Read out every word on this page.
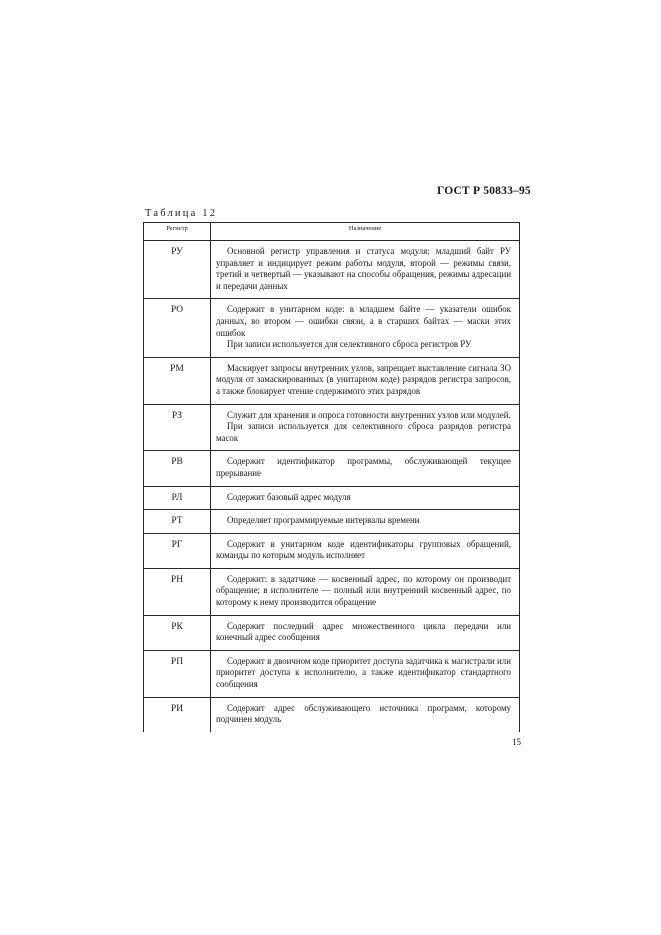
ГОСТ Р 50833–95
Таблица 12
Регистр	Назначение
РУ	Основной регистр управления и статуса модуля; младший байт РУ управляет и индицирует режим работы модуля, второй — режимы связи, третий и четвертый — указывают на способы обращения, режимы адресации и передачи данных

РО	Содержит в унитарном коде: в младшем байте — указатели ошибок данных, во втором — ошибки связи, а в старших байтах — маски этих ошибок

При записи используется для селективного сброса регистров РУ

РМ	Маскирует запросы внутренних узлов, запрещает выставление сигнала ЗО модуля от замаскированных (в унитарном коде) разрядов регистра запросов, а также блокирует чтение содержимого этих разрядов

РЗ	Служит для хранения и опроса готовности внутренних узлов или модулей.

При записи используется для селективного сброса разрядов регистра масок

РВ	Содержит идентификатор программы, обслуживающей текущее прерывание

РЛ	Содержит базовый адрес модуля

РТ	Определяет программируемые интервалы времени

РГ	Содержит в унитарном коде идентификаторы групповых обращений, команды по которым модуль исполняет

РН	Содержит: в задатчике — косвенный адрес, по которому он производит обращение; в исполнителе — полный или внутренний косвенный адрес, по которому к нему производится обращение

РК	Содержит последний адрес множественного цикла передачи или конечный адрес сообщения

РП	Содержит в двоичном коде приоритет доступа задатчика к магистрали или приоритет доступа к исполнителю, а также идентификатор стандартного сообщения

РИ	Содержит адрес обслуживающего источника программ, которому подчинен модуль

15
